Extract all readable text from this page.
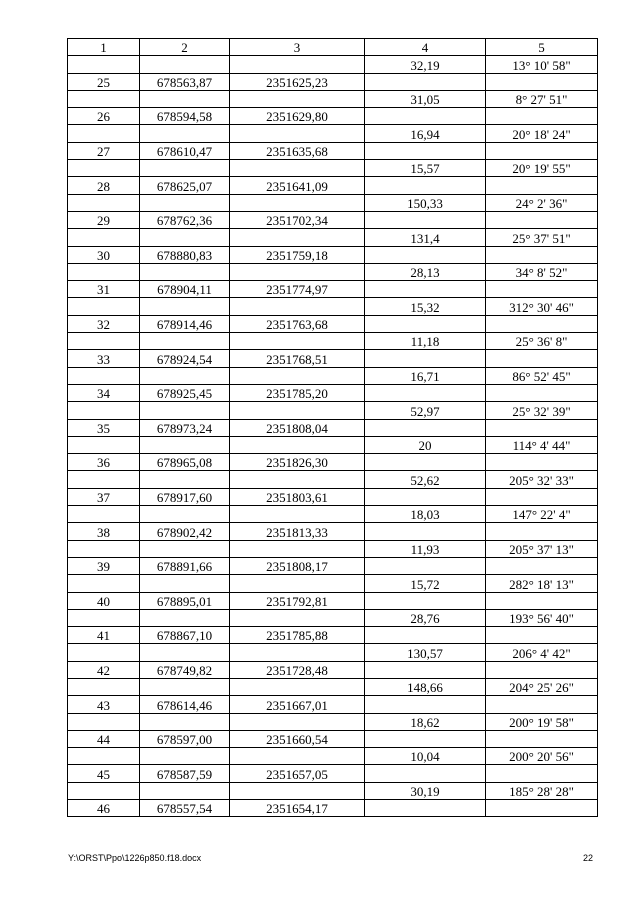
1	2	3	4	5
			32,19	13° 10' 58"
25	678563,87	2351625,23		
			31,05	8° 27' 51"
26	678594,58	2351629,80		
			16,94	20° 18' 24"
27	678610,47	2351635,68		
			15,57	20° 19' 55"
28	678625,07	2351641,09		
			150,33	24° 2' 36"
29	678762,36	2351702,34		
			131,4	25° 37' 51"
30	678880,83	2351759,18		
			28,13	34° 8' 52"
31	678904,11	2351774,97		
			15,32	312° 30' 46"
32	678914,46	2351763,68		
			11,18	25° 36' 8"
33	678924,54	2351768,51		
			16,71	86° 52' 45"
34	678925,45	2351785,20		
			52,97	25° 32' 39"
35	678973,24	2351808,04		
			20	114° 4' 44"
36	678965,08	2351826,30		
			52,62	205° 32' 33"
37	678917,60	2351803,61		
			18,03	147° 22' 4"
38	678902,42	2351813,33		
			11,93	205° 37' 13"
39	678891,66	2351808,17		
			15,72	282° 18' 13"
40	678895,01	2351792,81		
			28,76	193° 56' 40"
41	678867,10	2351785,88		
			130,57	206° 4' 42"
42	678749,82	2351728,48		
			148,66	204° 25' 26"
43	678614,46	2351667,01		
			18,62	200° 19' 58"
44	678597,00	2351660,54		
			10,04	200° 20' 56"
45	678587,59	2351657,05		
			30,19	185° 28' 28"
46	678557,54	2351654,17		
Y:\ORST\Ppo\1226p850.f18.docx	22
